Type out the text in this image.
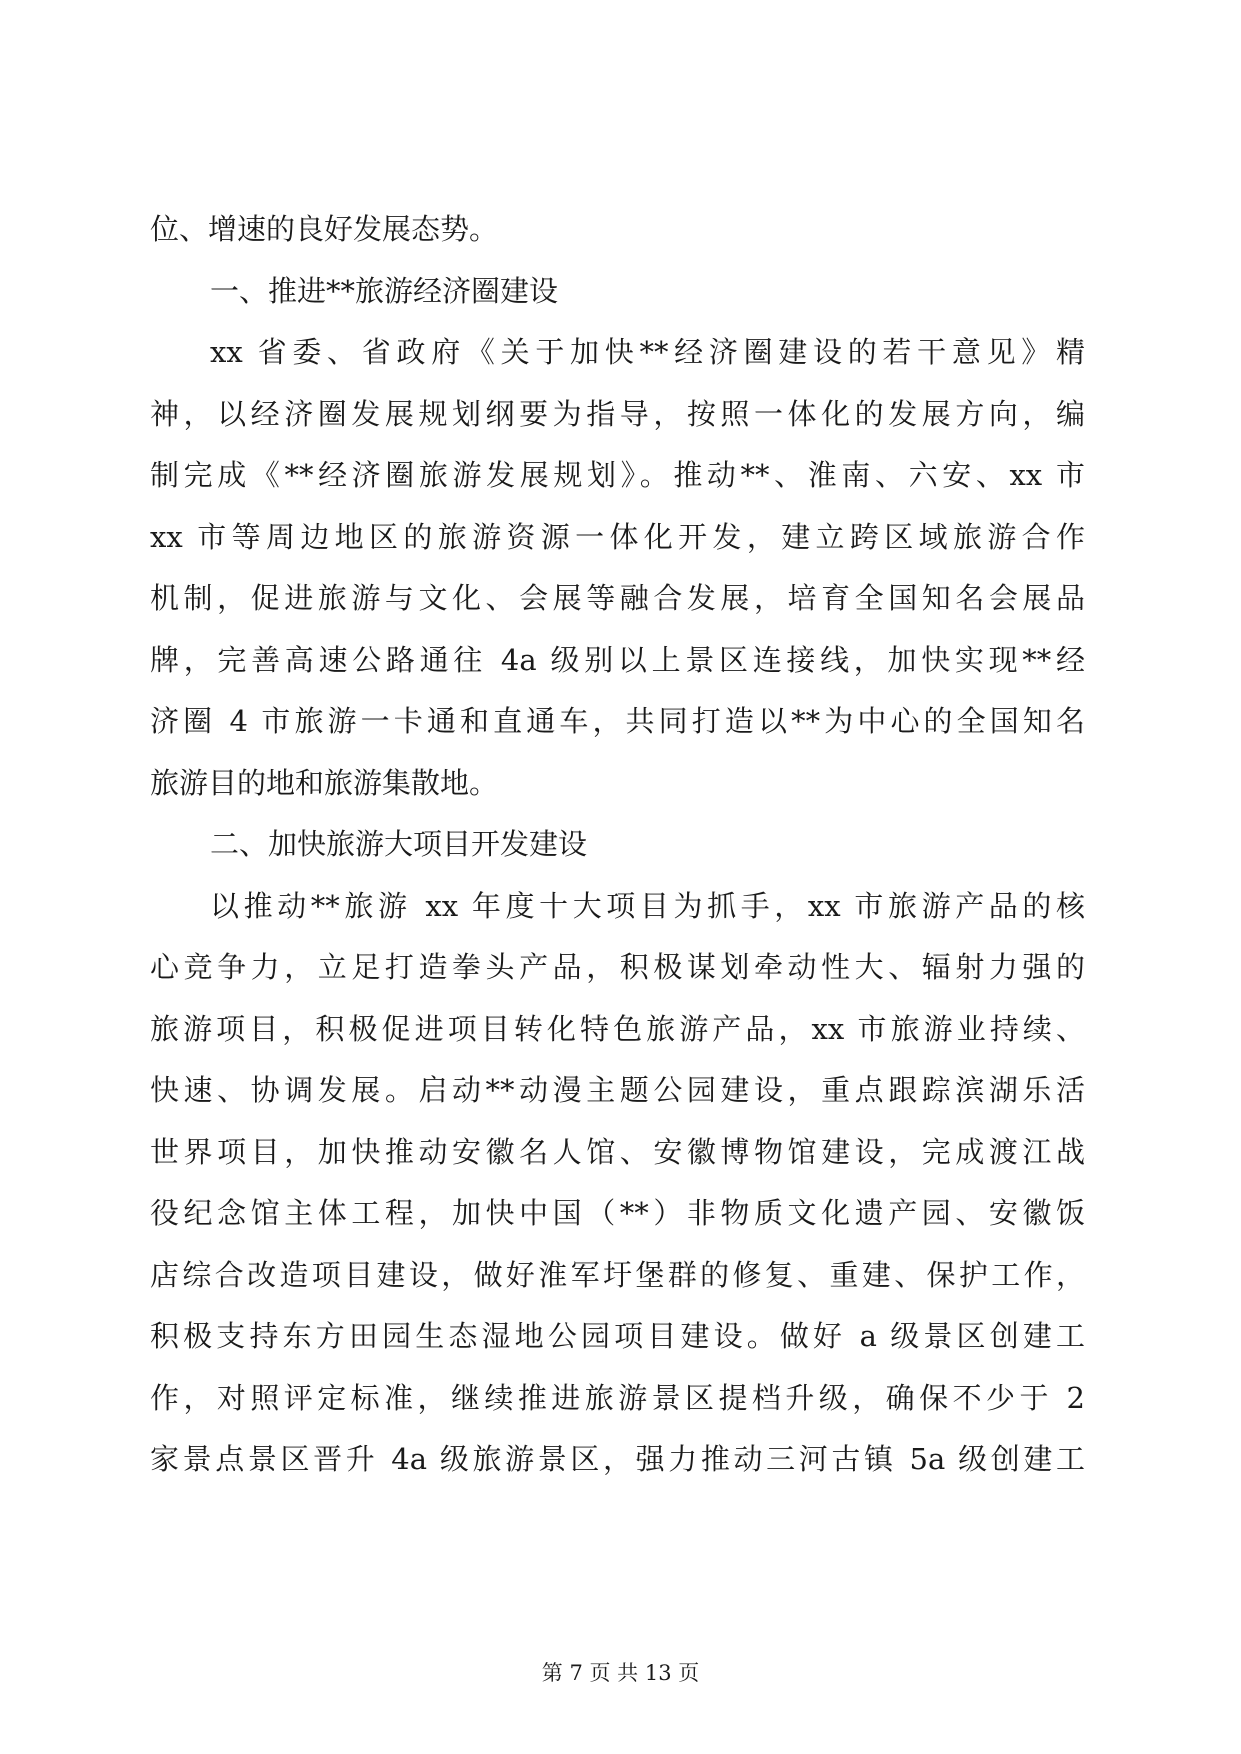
位、增速的良好发展态势。
一、推进**旅游经济圈建设
xx 省委、省政府《关于加快**经济圈建设的若干意见》精
神，以经济圈发展规划纲要为指导，按照一体化的发展方向，编
制完成《**经济圈旅游发展规划》。推动**、淮南、六安、xx 市
xx 市等周边地区的旅游资源一体化开发，建立跨区域旅游合作
机制，促进旅游与文化、会展等融合发展，培育全国知名会展品
牌，完善高速公路通往 4a 级别以上景区连接线，加快实现**经
济圈 4 市旅游一卡通和直通车，共同打造以**为中心的全国知名
旅游目的地和旅游集散地。
二、加快旅游大项目开发建设
以推动**旅游 xx 年度十大项目为抓手，xx 市旅游产品的核
心竞争力，立足打造拳头产品，积极谋划牵动性大、辐射力强的
旅游项目，积极促进项目转化特色旅游产品，xx 市旅游业持续、
快速、协调发展。启动**动漫主题公园建设，重点跟踪滨湖乐活
世界项目，加快推动安徽名人馆、安徽博物馆建设，完成渡江战
役纪念馆主体工程，加快中国（**）非物质文化遗产园、安徽饭
店综合改造项目建设，做好淮军圩堡群的修复、重建、保护工作，
积极支持东方田园生态湿地公园项目建设。做好 a 级景区创建工
作，对照评定标准，继续推进旅游景区提档升级，确保不少于 2
家景点景区晋升 4a 级旅游景区，强力推动三河古镇 5a 级创建工
第 7 页 共 13 页
